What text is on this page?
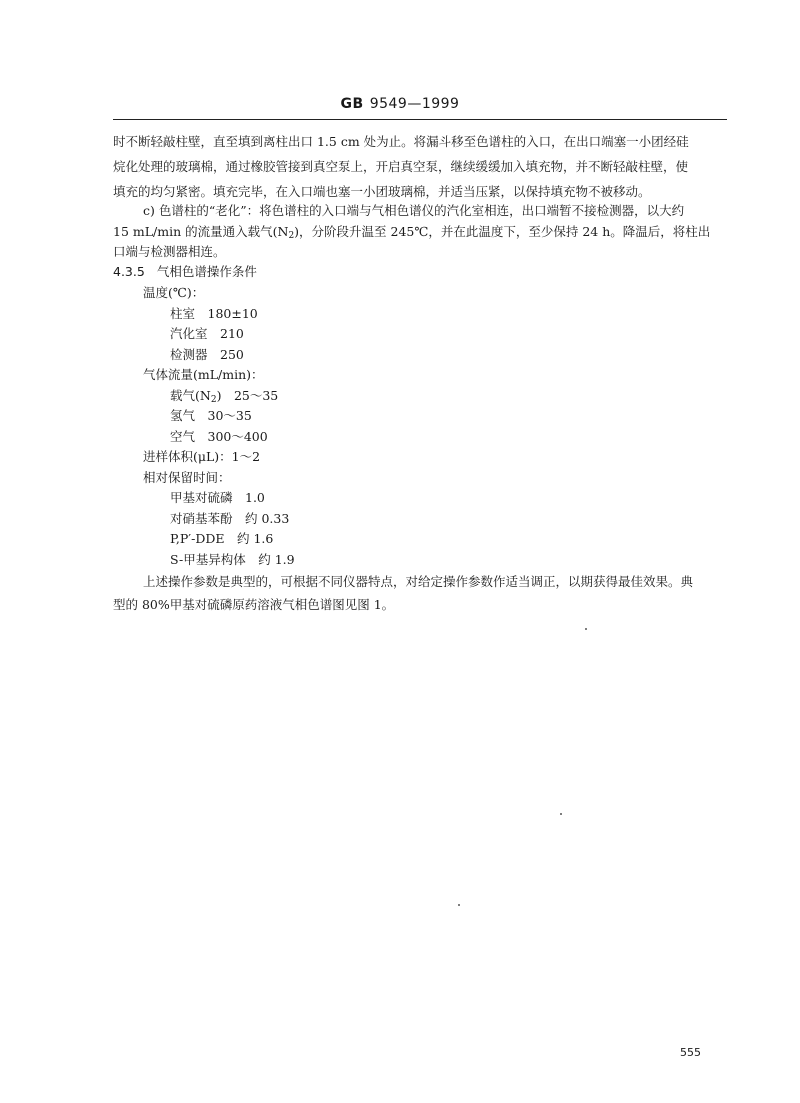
GB 9549—1999
时不断轻敲柱壁，直至填到离柱出口 1.5 cm 处为止。将漏斗移至色谱柱的入口，在出口端塞一小团经硅
烷化处理的玻璃棉，通过橡胶管接到真空泵上，开启真空泵，继续缓缓加入填充物，并不断轻敲柱壁，使
填充的均匀紧密。填充完毕，在入口端也塞一小团玻璃棉，并适当压紧，以保持填充物不被移动。
c) 色谱柱的“老化”：将色谱柱的入口端与气相色谱仪的汽化室相连，出口端暂不接检测器，以大约
15 mL/min 的流量通入载气$(N_2)$，分阶段升温至 245℃，并在此温度下，至少保持 24 h。降温后，将柱出
口端与检测器相连。
4.3.5 气相色谱操作条件
温度(℃)：
柱室　180±10
汽化室　210
检测器　250
气体流量(mL/min)：
载气$(N_2)$　25～35
氢气　30～35
空气　300～400
进样体积(μL)：1～2
相对保留时间：
甲基对硫磷　1.0
对硝基苯酚　约 0.33
P,P′-DDE　约 1.6
S-甲基异构体　约 1.9
上述操作参数是典型的，可根据不同仪器特点，对给定操作参数作适当调正，以期获得最佳效果。典
型的 80%甲基对硫磷原药溶液气相色谱图见图 1。
555
